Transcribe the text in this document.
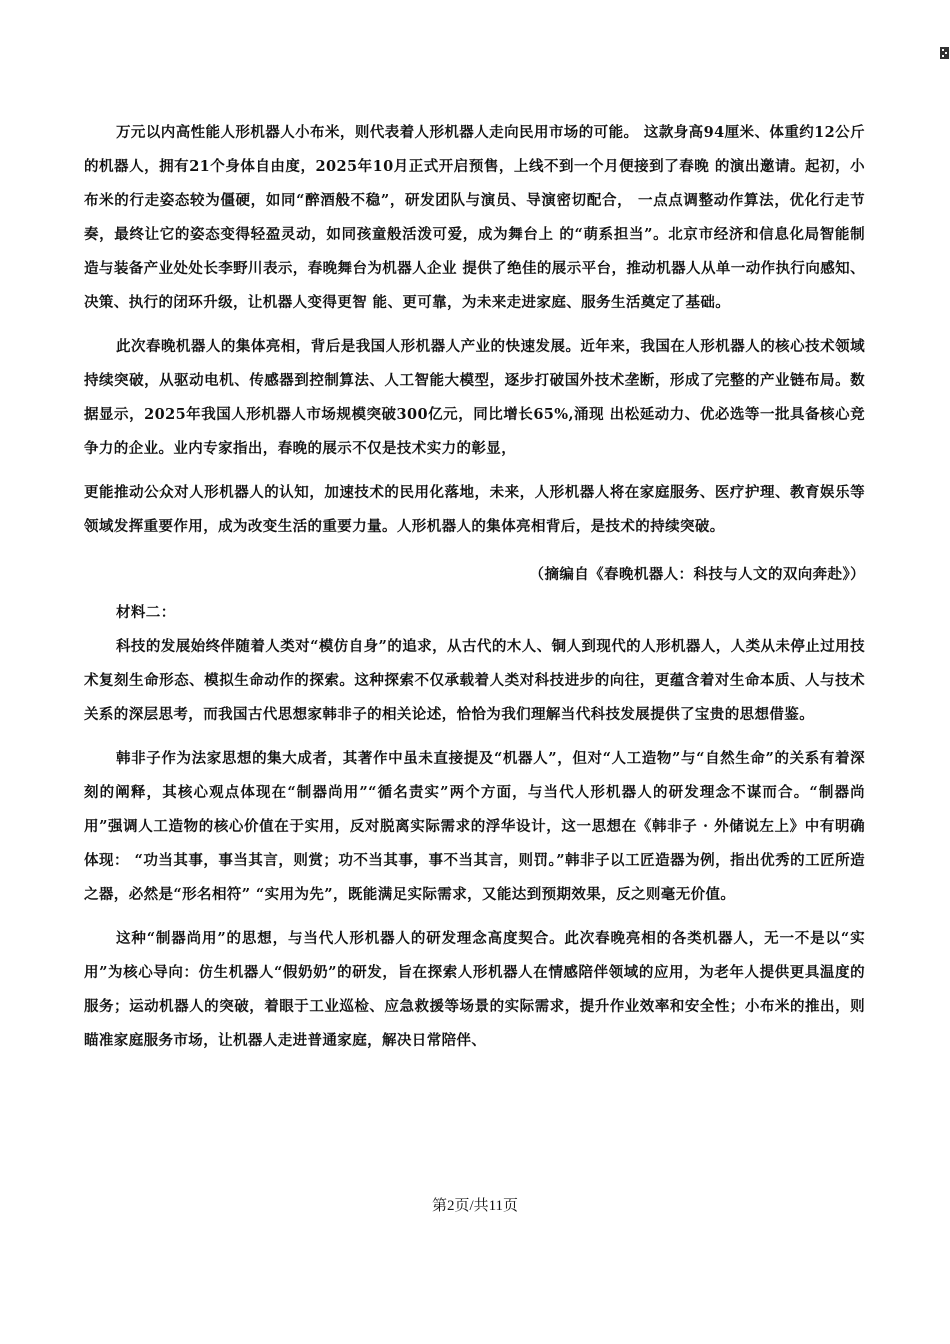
万元以内高性能人形机器人小布米，则代表着人形机器人走向民用市场的可能。 这款身高94厘米、体重约12公斤的机器人，拥有21个身体自由度，2025年10月正式开启预售，上线不到一个月便接到了春晚 的演出邀请。起初，小布米的行走姿态较为僵硬，如同“醉酒般不稳”，研发团队与演员、导演密切配合， 一点点调整动作算法，优化行走节奏，最终让它的姿态变得轻盈灵动，如同孩童般活泼可爱，成为舞台上 的“萌系担当”。北京市经济和信息化局智能制造与装备产业处处长李野川表示，春晚舞台为机器人企业 提供了绝佳的展示平台，推动机器人从单一动作执行向感知、决策、执行的闭环升级，让机器人变得更智 能、更可靠，为未来走进家庭、服务生活奠定了基础。

此次春晚机器人的集体亮相，背后是我国人形机器人产业的快速发展。近年来，我国在人形机器人的核心技术领域持续突破，从驱动电机、传感器到控制算法、人工智能大模型，逐步打破国外技术垄断，形成了完整的产业链布局。数据显示，2025年我国人形机器人市场规模突破300亿元，同比增长65%,涌现 出松延动力、优必选等一批具备核心竞争力的企业。业内专家指出，春晚的展示不仅是技术实力的彰显，

更能推动公众对人形机器人的认知，加速技术的民用化落地，未来，人形机器人将在家庭服务、医疗护理、教育娱乐等领域发挥重要作用，成为改变生活的重要力量。人形机器人的集体亮相背后，是技术的持续突破。

（摘编自《春晚机器人：科技与人文的双向奔赴》）

材料二：

科技的发展始终伴随着人类对“模仿自身”的追求，从古代的木人、铜人到现代的人形机器人，人类从未停止过用技术复刻生命形态、模拟生命动作的探索。这种探索不仅承载着人类对科技进步的向往，更蕴含着对生命本质、人与技术关系的深层思考，而我国古代思想家韩非子的相关论述，恰恰为我们理解当代科技发展提供了宝贵的思想借鉴。

韩非子作为法家思想的集大成者，其著作中虽未直接提及“机器人”，但对“人工造物”与“自然生命”的关系有着深刻的阐释，其核心观点体现在“制器尚用”“循名责实”两个方面，与当代人形机器人的研发理念不谋而合。“制器尚用”强调人工造物的核心价值在于实用，反对脱离实际需求的浮华设计，这一思想在《韩非子 · 外储说左上》中有明确体现： “功当其事，事当其言，则赏；功不当其事，事不当其言，则罚。”韩非子以工匠造器为例，指出优秀的工匠所造之器，必然是“形名相符” “实用为先”，既能满足实际需求，又能达到预期效果，反之则毫无价值。

这种“制器尚用”的思想，与当代人形机器人的研发理念高度契合。此次春晚亮相的各类机器人，无一不是以“实用”为核心导向：仿生机器人“假奶奶”的研发，旨在探索人形机器人在情感陪伴领域的应用，为老年人提供更具温度的服务；运动机器人的突破，着眼于工业巡检、应急救援等场景的实际需求，提升作业效率和安全性；小布米的推出，则瞄准家庭服务市场，让机器人走进普通家庭，解决日常陪伴、

第2页/共11页
